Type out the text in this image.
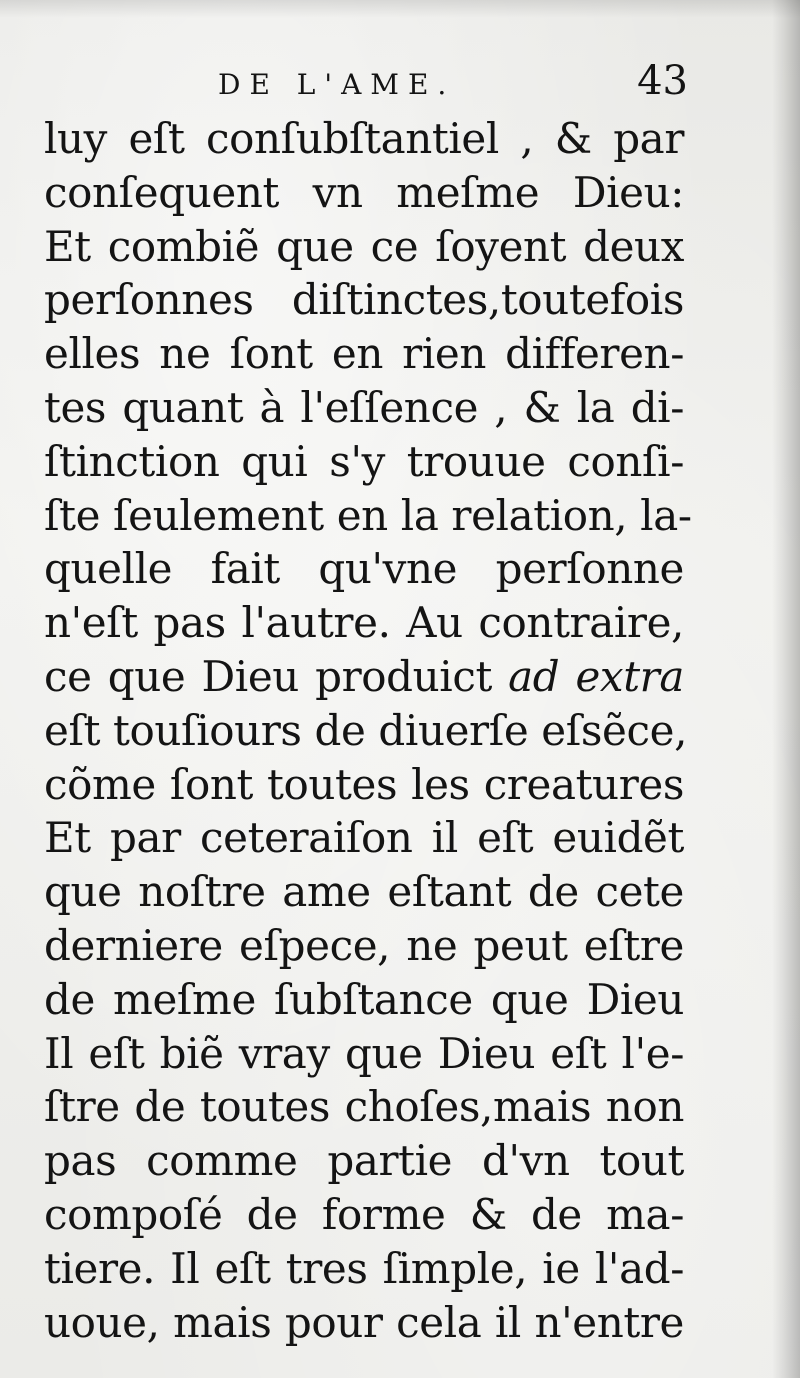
DE L'AME.	43
luy eſt conſubſtantiel , & par
conſequent vn meſme Dieu:
Et combiẽ que ce ſoyent deux
perſonnes diſtinctes,toutefois
elles ne ſont en rien differen-
tes quant à l'eſſence , & la di-
ſtinction qui s'y trouue conſi-
ſte ſeulement en la relation, la-
quelle fait qu'vne perſonne
n'eſt pas l'autre. Au contraire,
ce que Dieu produict ad extra
eſt touſiours de diuerſe eſsẽce,
cõme ſont toutes les creatures
Et par ceteraiſon il eſt euidẽt
que noſtre ame eſtant de cete
derniere eſpece, ne peut eſtre
de meſme ſubſtance que Dieu
Il eſt biẽ vray que Dieu eſt l'e-
ſtre de toutes choſes,mais non
pas comme partie d'vn tout
compoſé de forme & de ma-
tiere. Il eſt tres ſimple, ie l'ad-
uoue, mais pour cela il n'entre
